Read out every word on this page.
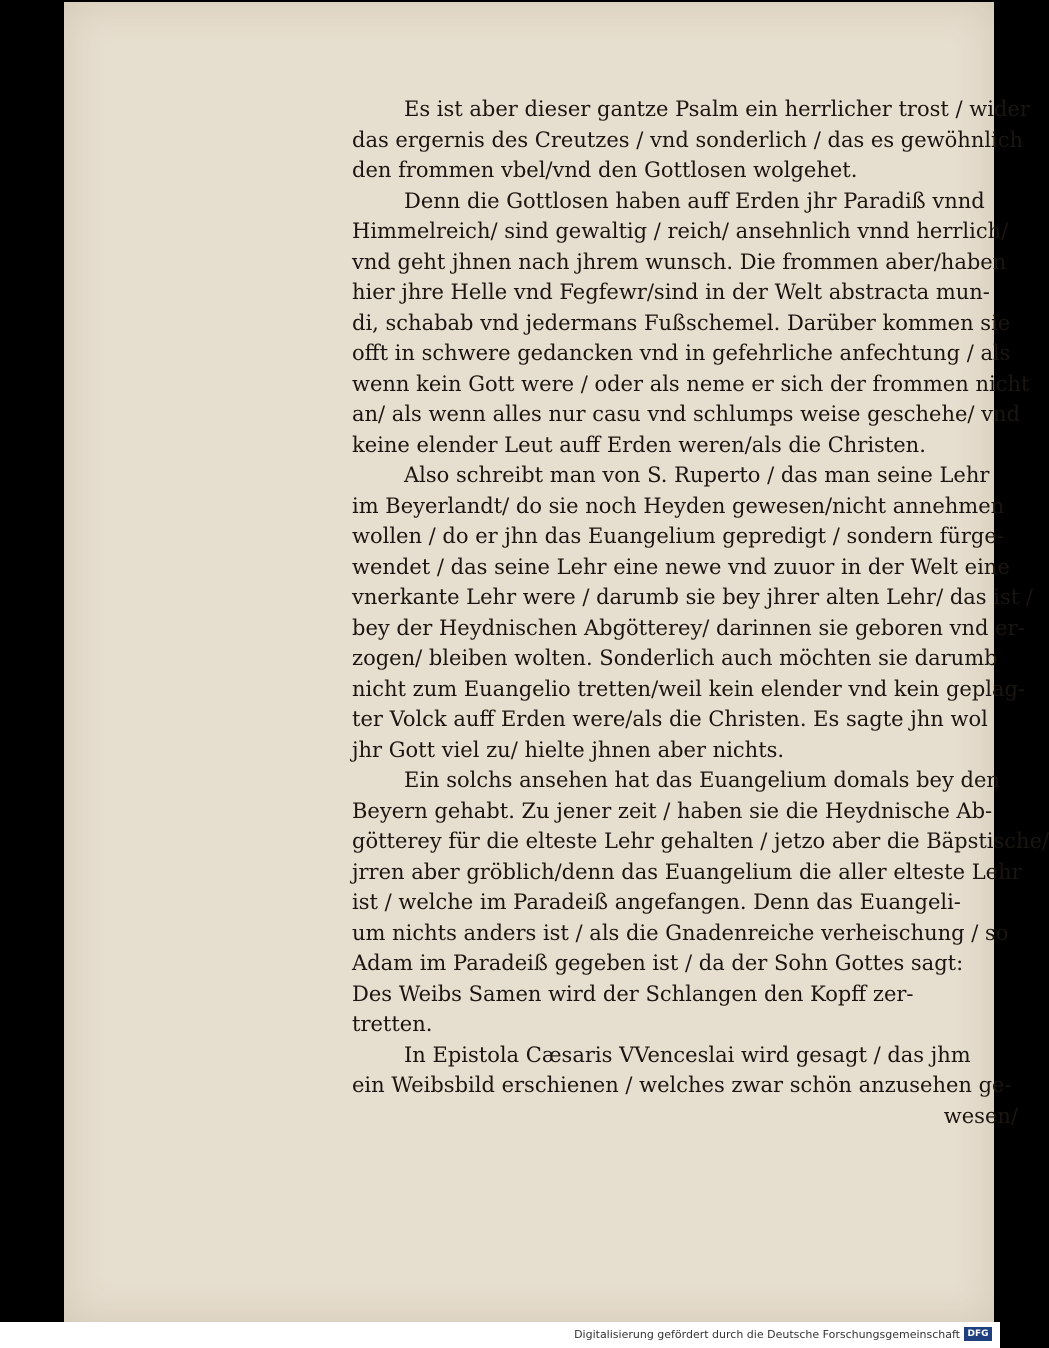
Es ist aber dieser gantze Psalm ein herrlicher trost / wider
das ergernis des Creutzes / vnd sonderlich / das es gewöhnlich
den frommen vbel/vnd den Gottlosen wolgehet.

Denn die Gottlosen haben auff Erden jhr Paradiß vnnd
Himmelreich/ sind gewaltig / reich/ ansehnlich vnnd herrlich/
vnd geht jhnen nach jhrem wunsch. Die frommen aber/haben
hier jhre Helle vnd Fegfewr/sind in der Welt abstracta mun-
di, schabab vnd jedermans Fußschemel. Darüber kommen sie
offt in schwere gedancken vnd in gefehrliche anfechtung / als
wenn kein Gott were / oder als neme er sich der frommen nicht
an/ als wenn alles nur casu vnd schlumps weise geschehe/ vnd
keine elender Leut auff Erden weren/als die Christen.

Also schreibt man von S. Ruperto / das man seine Lehr
im Beyerlandt/ do sie noch Heyden gewesen/nicht annehmen
wollen / do er jhn das Euangelium gepredigt / sondern fürge-
wendet / das seine Lehr eine newe vnd zuuor in der Welt eine
vnerkante Lehr were / darumb sie bey jhrer alten Lehr/ das ist /
bey der Heydnischen Abgötterey/ darinnen sie geboren vnd er-
zogen/ bleiben wolten. Sonderlich auch möchten sie darumb
nicht zum Euangelio tretten/weil kein elender vnd kein geplag-
ter Volck auff Erden were/als die Christen. Es sagte jhn wol
jhr Gott viel zu/ hielte jhnen aber nichts.

Ein solchs ansehen hat das Euangelium domals bey den
Beyern gehabt. Zu jener zeit / haben sie die Heydnische Ab-
götterey für die elteste Lehr gehalten / jetzo aber die Bäpstische/
jrren aber gröblich/denn das Euangelium die aller elteste Lehr
ist / welche im Paradeiß angefangen. Denn das Euangeli-
um nichts anders ist / als die Gnadenreiche verheischung / so
Adam im Paradeiß gegeben ist / da der Sohn Gottes sagt:
Des Weibs Samen wird der Schlangen den Kopff zer-
tretten.

In Epistola Cæsaris VVenceslai wird gesagt / das jhm
ein Weibsbild erschienen / welches zwar schön anzusehen ge-

wesen/
Digitalisierung gefördert durch die Deutsche Forschungsgemeinschaft DFG
